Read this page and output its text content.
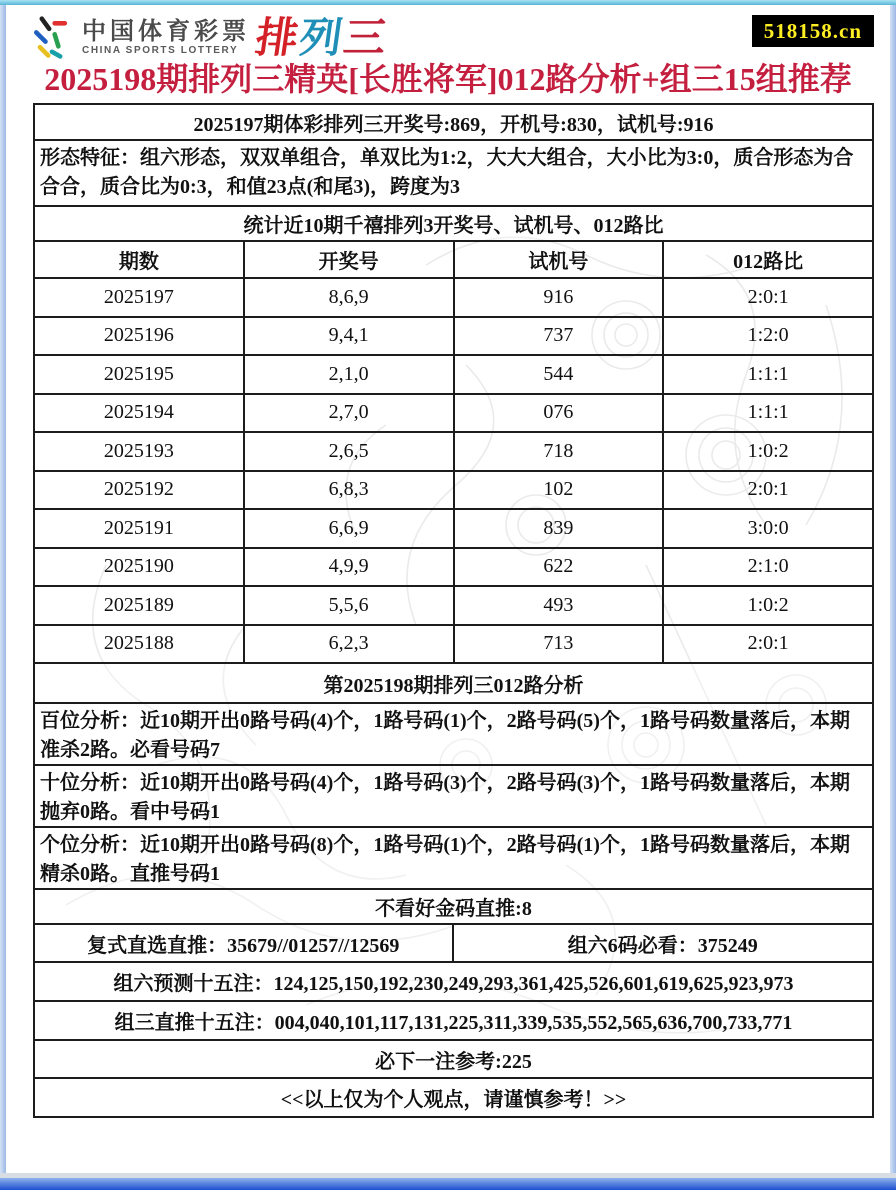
中国体育彩票
CHINA SPORTS LOTTERY 排
列
三	518158.cn
2025198期排列三精英[长胜将军]012路分析+组三15组推荐
2025197期体彩排列三开奖号:869，开机号:830，试机号:916
形态特征：组六形态，双双单组合，单双比为1:2，大大大组合，大小比为3:0，质合形态为合合合，质合比为0:3，和值23点(和尾3)，跨度为3
统计近10期千禧排列3开奖号、试机号、012路比
期数	开奖号	试机号	012路比
2025197	8,6,9	916	2:0:1
2025196	9,4,1	737	1:2:0
2025195	2,1,0	544	1:1:1
2025194	2,7,0	076	1:1:1
2025193	2,6,5	718	1:0:2
2025192	6,8,3	102	2:0:1
2025191	6,6,9	839	3:0:0
2025190	4,9,9	622	2:1:0
2025189	5,5,6	493	1:0:2
2025188	6,2,3	713	2:0:1
第2025198期排列三012路分析
百位分析：近10期开出0路号码(4)个，1路号码(1)个，2路号码(5)个，1路号码数量落后，本期准杀2路。必看号码7
十位分析：近10期开出0路号码(4)个，1路号码(3)个，2路号码(3)个，1路号码数量落后，本期抛弃0路。看中号码1
个位分析：近10期开出0路号码(8)个，1路号码(1)个，2路号码(1)个，1路号码数量落后，本期精杀0路。直推号码1
不看好金码直推:8
复式直选直推：35679//01257//12569	组六6码必看：375249
组六预测十五注：124,125,150,192,230,249,293,361,425,526,601,619,625,923,973
组三直推十五注：004,040,101,117,131,225,311,339,535,552,565,636,700,733,771
必下一注参考:225
<<以上仅为个人观点，请谨慎参考！>>
